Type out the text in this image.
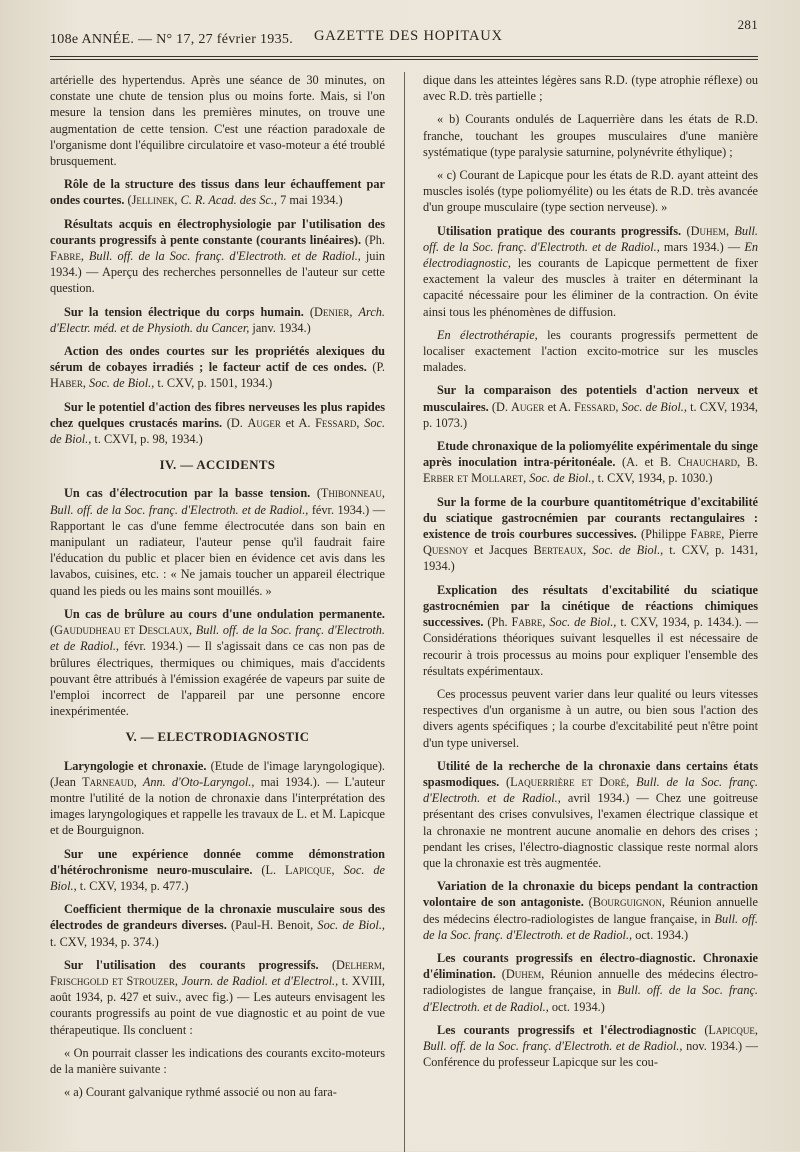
108e ANNÉE. — N° 17, 27 février 1935. GAZETTE DES HOPITAUX
281

artérielle des hypertendus. Après une séance de 30 minutes, on constate une chute de tension plus ou moins forte. Mais, si l'on mesure la tension dans les premières minutes, on trouve une augmentation de cette tension. C'est une réaction paradoxale de l'organisme dont l'équilibre circulatoire et vaso-moteur a été troublé brusquement.

Rôle de la structure des tissus dans leur échauffement par ondes courtes. (Jellinek, C. R. Acad. des Sc., 7 mai 1934.)

Résultats acquis en électrophysiologie par l'utilisation des courants progressifs à pente constante (courants linéaires). (Ph. Fabre, Bull. off. de la Soc. franç. d'Electroth. et de Radiol., juin 1934.) — Aperçu des recherches personnelles de l'auteur sur cette question.

Sur la tension électrique du corps humain. (Denier, Arch. d'Electr. méd. et de Physioth. du Cancer, janv. 1934.)

Action des ondes courtes sur les propriétés alexiques du sérum de cobayes irradiés ; le facteur actif de ces ondes. (P. Haber, Soc. de Biol., t. CXV, p. 1501, 1934.)

Sur le potentiel d'action des fibres nerveuses les plus rapides chez quelques crustacés marins. (D. Auger et A. Fessard, Soc. de Biol., t. CXVI, p. 98, 1934.)

IV. — ACCIDENTS

Un cas d'électrocution par la basse tension. (Thibonneau, Bull. off. de la Soc. franç. d'Electroth. et de Radiol., févr. 1934.) — Rapportant le cas d'une femme électrocutée dans son bain en manipulant un radiateur, l'auteur pense qu'il faudrait faire l'éducation du public et placer bien en évidence cet avis dans les lavabos, cuisines, etc. : « Ne jamais toucher un appareil électrique quand les pieds ou les mains sont mouillés. »

Un cas de brûlure au cours d'une ondulation permanente. (Gaududheau et Desclaux, Bull. off. de la Soc. franç. d'Electroth. et de Radiol., févr. 1934.) — Il s'agissait dans ce cas non pas de brûlures électriques, thermiques ou chimiques, mais d'accidents pouvant être attribués à l'émission exagérée de vapeurs par suite de l'emploi incorrect de l'appareil par une personne encore inexpérimentée.

V. — ELECTRODIAGNOSTIC

Laryngologie et chronaxie. (Etude de l'image laryngologique). (Jean Tarneaud, Ann. d'Oto-Laryngol., mai 1934.). — L'auteur montre l'utilité de la notion de chronaxie dans l'interprétation des images laryngologiques et rappelle les travaux de L. et M. Lapicque et de Bourguignon.

Sur une expérience donnée comme démonstration d'hétérochronisme neuro-musculaire. (L. Lapicque, Soc. de Biol., t. CXV, 1934, p. 477.)

Coefficient thermique de la chronaxie musculaire sous des électrodes de grandeurs diverses. (Paul-H. Benoit, Soc. de Biol., t. CXV, 1934, p. 374.)

Sur l'utilisation des courants progressifs. (Delherm, Frischgold et Strouzer, Journ. de Radiol. et d'Electrol., t. XVIII, août 1934, p. 427 et suiv., avec fig.) — Les auteurs envisagent les courants progressifs au point de vue diagnostic et au point de vue thérapeutique. Ils concluent :

« On pourrait classer les indications des courants excito-moteurs de la manière suivante :

« a) Courant galvanique rythmé associé ou non au fara-

dique dans les atteintes légères sans R.D. (type atrophie réflexe) ou avec R.D. très partielle ;

« b) Courants ondulés de Laquerrière dans les états de R.D. franche, touchant les groupes musculaires d'une manière systématique (type paralysie saturnine, polynévrite éthylique) ;

« c) Courant de Lapicque pour les états de R.D. ayant atteint des muscles isolés (type poliomyélite) ou les états de R.D. très avancée d'un groupe musculaire (type section nerveuse). »

Utilisation pratique des courants progressifs. (Duhem, Bull. off. de la Soc. franç. d'Electroth. et de Radiol., mars 1934.) — En électrodiagnostic, les courants de Lapicque permettent de fixer exactement la valeur des muscles à traiter en déterminant la capacité nécessaire pour les éliminer de la contraction. On évite ainsi tous les phénomènes de diffusion.

En électrothérapie, les courants progressifs permettent de localiser exactement l'action excito-motrice sur les muscles malades.

Sur la comparaison des potentiels d'action nerveux et musculaires. (D. Auger et A. Fessard, Soc. de Biol., t. CXV, 1934, p. 1073.)

Etude chronaxique de la poliomyélite expérimentale du singe après inoculation intra-péritonéale. (A. et B. Chauchard, B. Erber et Mollaret, Soc. de Biol., t. CXV, 1934, p. 1030.)

Sur la forme de la courbure quantitométrique d'excitabilité du sciatique gastrocnémien par courants rectangulaires : existence de trois courbures successives. (Philippe Fabre, Pierre Quesnoy et Jacques Berteaux, Soc. de Biol., t. CXV, p. 1431, 1934.)

Explication des résultats d'excitabilité du sciatique gastrocnémien par la cinétique de réactions chimiques successives. (Ph. Fabre, Soc. de Biol., t. CXV, 1934, p. 1434.). — Considérations théoriques suivant lesquelles il est nécessaire de recourir à trois processus au moins pour expliquer l'ensemble des résultats expérimentaux.

Ces processus peuvent varier dans leur qualité ou leurs vitesses respectives d'un organisme à un autre, ou bien sous l'action des divers agents spécifiques ; la courbe d'excitabilité peut n'être point d'un type universel.

Utilité de la recherche de la chronaxie dans certains états spasmodiques. (Laquerrière et Doré, Bull. de la Soc. franç. d'Electroth. et de Radiol., avril 1934.) — Chez une goitreuse présentant des crises convulsives, l'examen électrique classique et la chronaxie ne montrent aucune anomalie en dehors des crises ; pendant les crises, l'électro-diagnostic classique reste normal alors que la chronaxie est très augmentée.

Variation de la chronaxie du biceps pendant la contraction volontaire de son antagoniste. (Bourguignon, Réunion annuelle des médecins électro-radiologistes de langue française, in Bull. off. de la Soc. franç. d'Electroth. et de Radiol., oct. 1934.)

Les courants progressifs en électro-diagnostic. Chronaxie d'élimination. (Duhem, Réunion annuelle des médecins électro-radiologistes de langue française, in Bull. off. de la Soc. franç. d'Electroth. et de Radiol., oct. 1934.)

Les courants progressifs et l'électrodiagnostic (Lapicque, Bull. off. de la Soc. franç. d'Electroth. et de Radiol., nov. 1934.) — Conférence du professeur Lapicque sur les cou-
